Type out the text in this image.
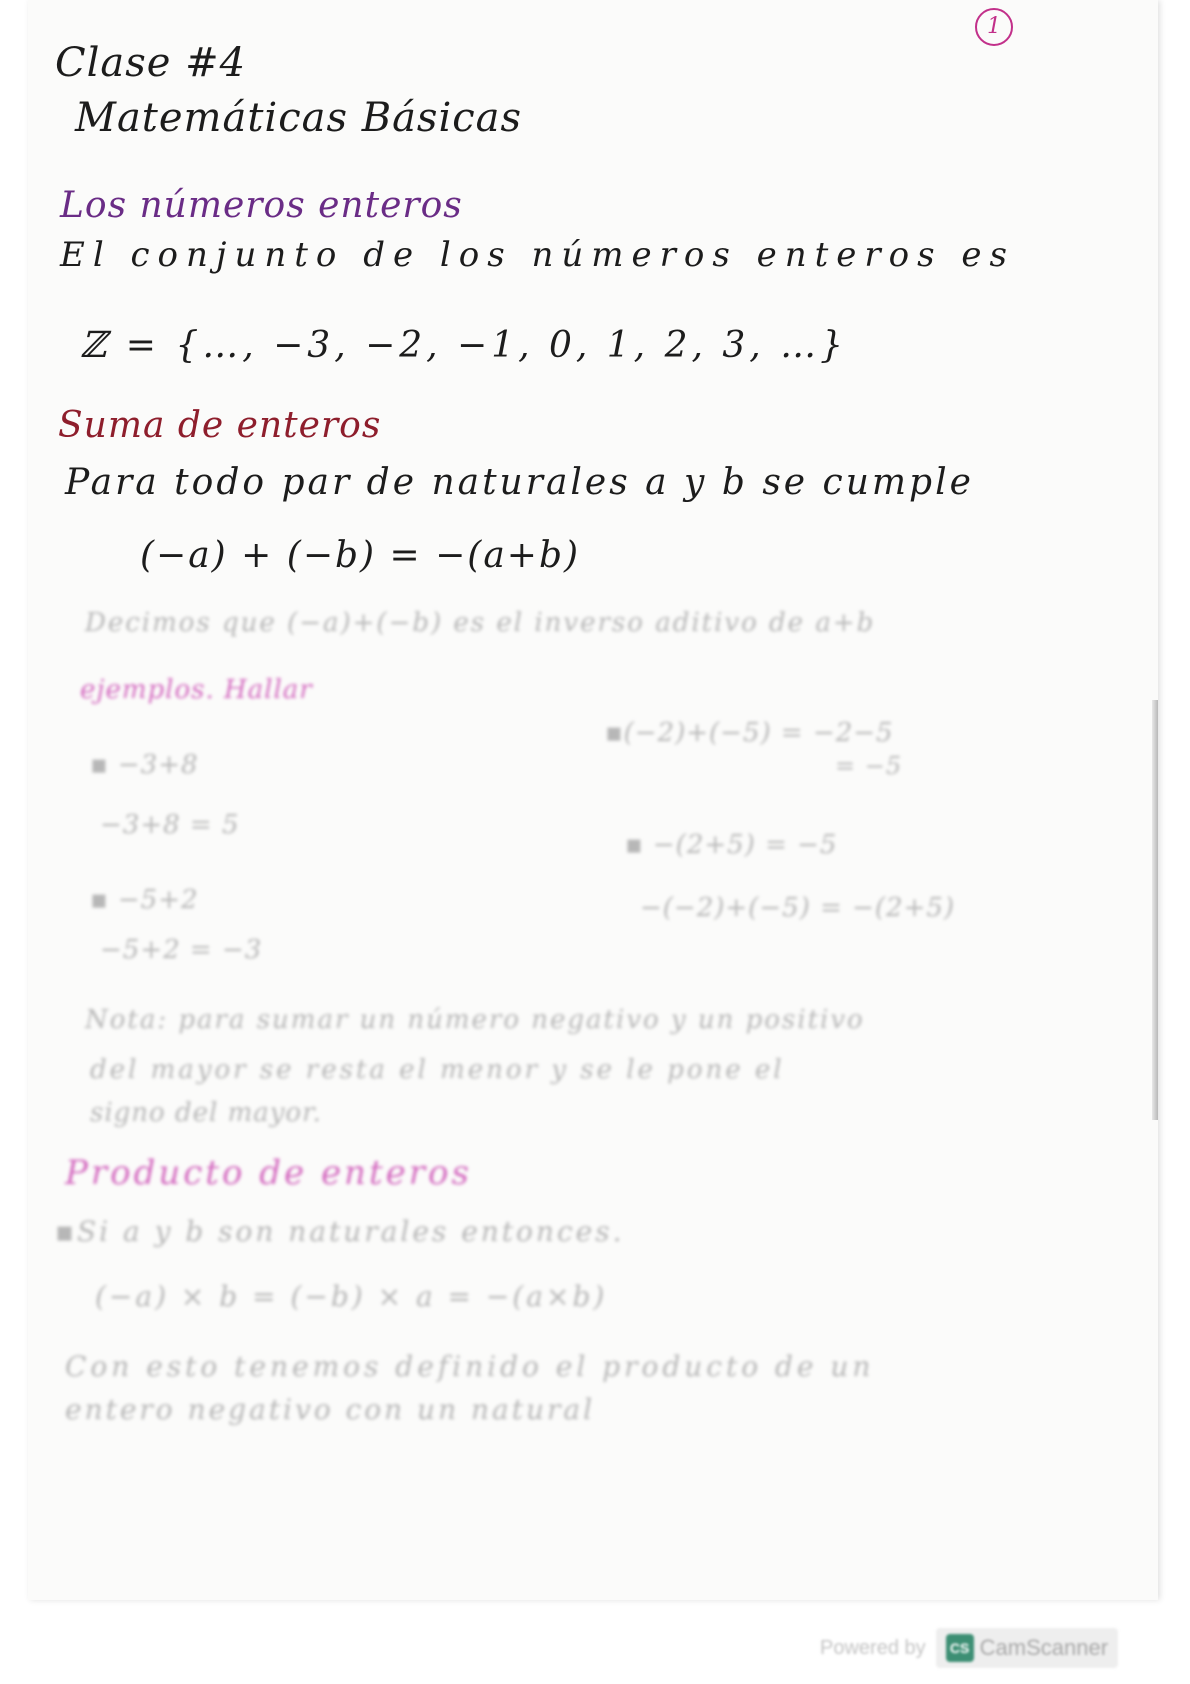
1
Clase #4
Matemáticas Básicas
Los números enteros
El conjunto de los números enteros es
ℤ = {…, −3, −2, −1, 0, 1, 2, 3, …}
Suma de enteros
Para todo par de naturales a y b se cumple
(−a) + (−b) = −(a+b)
Decimos que (−a)+(−b) es el inverso aditivo de a+b
ejemplos. Hallar
▪ −3+8
−3+8 = 5
▪ −5+2
−5+2 = −3
▪(−2)+(−5) = −2−5
= −5
▪ −(2+5) = −5
−(−2)+(−5) = −(2+5)
Nota: para sumar un número negativo y un positivo
del mayor se resta el menor y se le pone el
signo del mayor.
Producto de enteros
▪Si a y b son naturales entonces.
(−a) × b = (−b) × a = −(a×b)
Con esto tenemos definido el producto de un
entero negativo con un natural
Powered by	CS CamScanner
